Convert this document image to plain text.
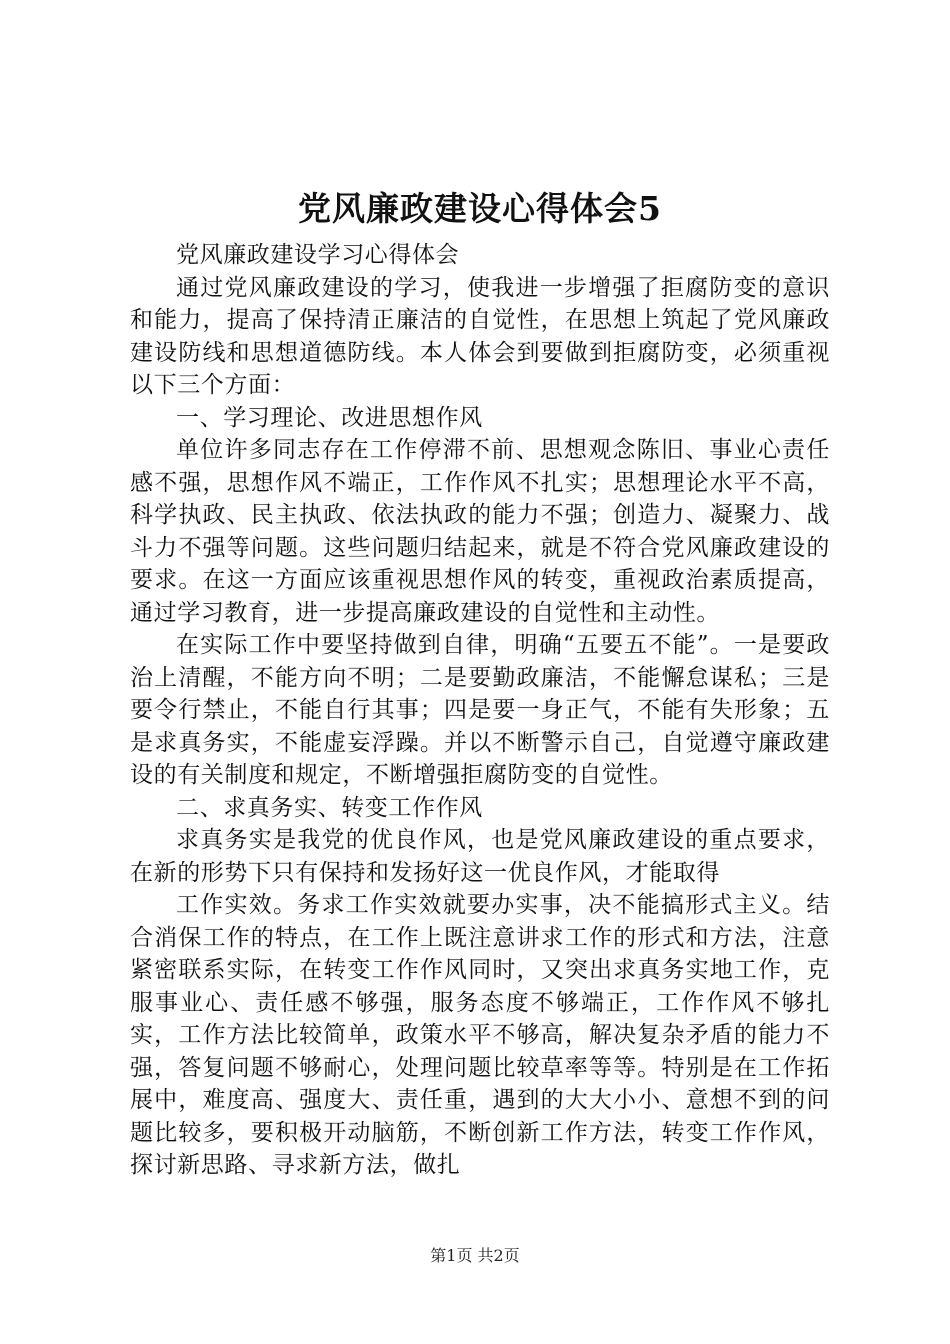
党风廉政建设心得体会5

党风廉政建设学习心得体会

通过党风廉政建设的学习，使我进一步增强了拒腐防变的意识和能力，提高了保持清正廉洁的自觉性，在思想上筑起了党风廉政建设防线和思想道德防线。本人体会到要做到拒腐防变，必须重视以下三个方面：

一、学习理论、改进思想作风

单位许多同志存在工作停滞不前、思想观念陈旧、事业心责任感不强，思想作风不端正，工作作风不扎实；思想理论水平不高，科学执政、民主执政、依法执政的能力不强；创造力、凝聚力、战斗力不强等问题。这些问题归结起来，就是不符合党风廉政建设的要求。在这一方面应该重视思想作风的转变，重视政治素质提高，通过学习教育，进一步提高廉政建设的自觉性和主动性。

在实际工作中要坚持做到自律，明确“五要五不能”。一是要政治上清醒，不能方向不明；二是要勤政廉洁，不能懈怠谋私；三是要令行禁止，不能自行其事；四是要一身正气，不能有失形象；五是求真务实，不能虚妄浮躁。并以不断警示自己，自觉遵守廉政建设的有关制度和规定，不断增强拒腐防变的自觉性。

二、求真务实、转变工作作风

求真务实是我党的优良作风，也是党风廉政建设的重点要求，在新的形势下只有保持和发扬好这一优良作风，才能取得

工作实效。务求工作实效就要办实事，决不能搞形式主义。结合消保工作的特点，在工作上既注意讲求工作的形式和方法，注意紧密联系实际，在转变工作作风同时，又突出求真务实地工作，克服事业心、责任感不够强，服务态度不够端正，工作作风不够扎实，工作方法比较简单，政策水平不够高，解决复杂矛盾的能力不强，答复问题不够耐心，处理问题比较草率等等。特别是在工作拓展中，难度高、强度大、责任重，遇到的大大小小、意想不到的问题比较多，要积极开动脑筋，不断创新工作方法，转变工作作风，探讨新思路、寻求新方法，做扎

第1页 共2页
